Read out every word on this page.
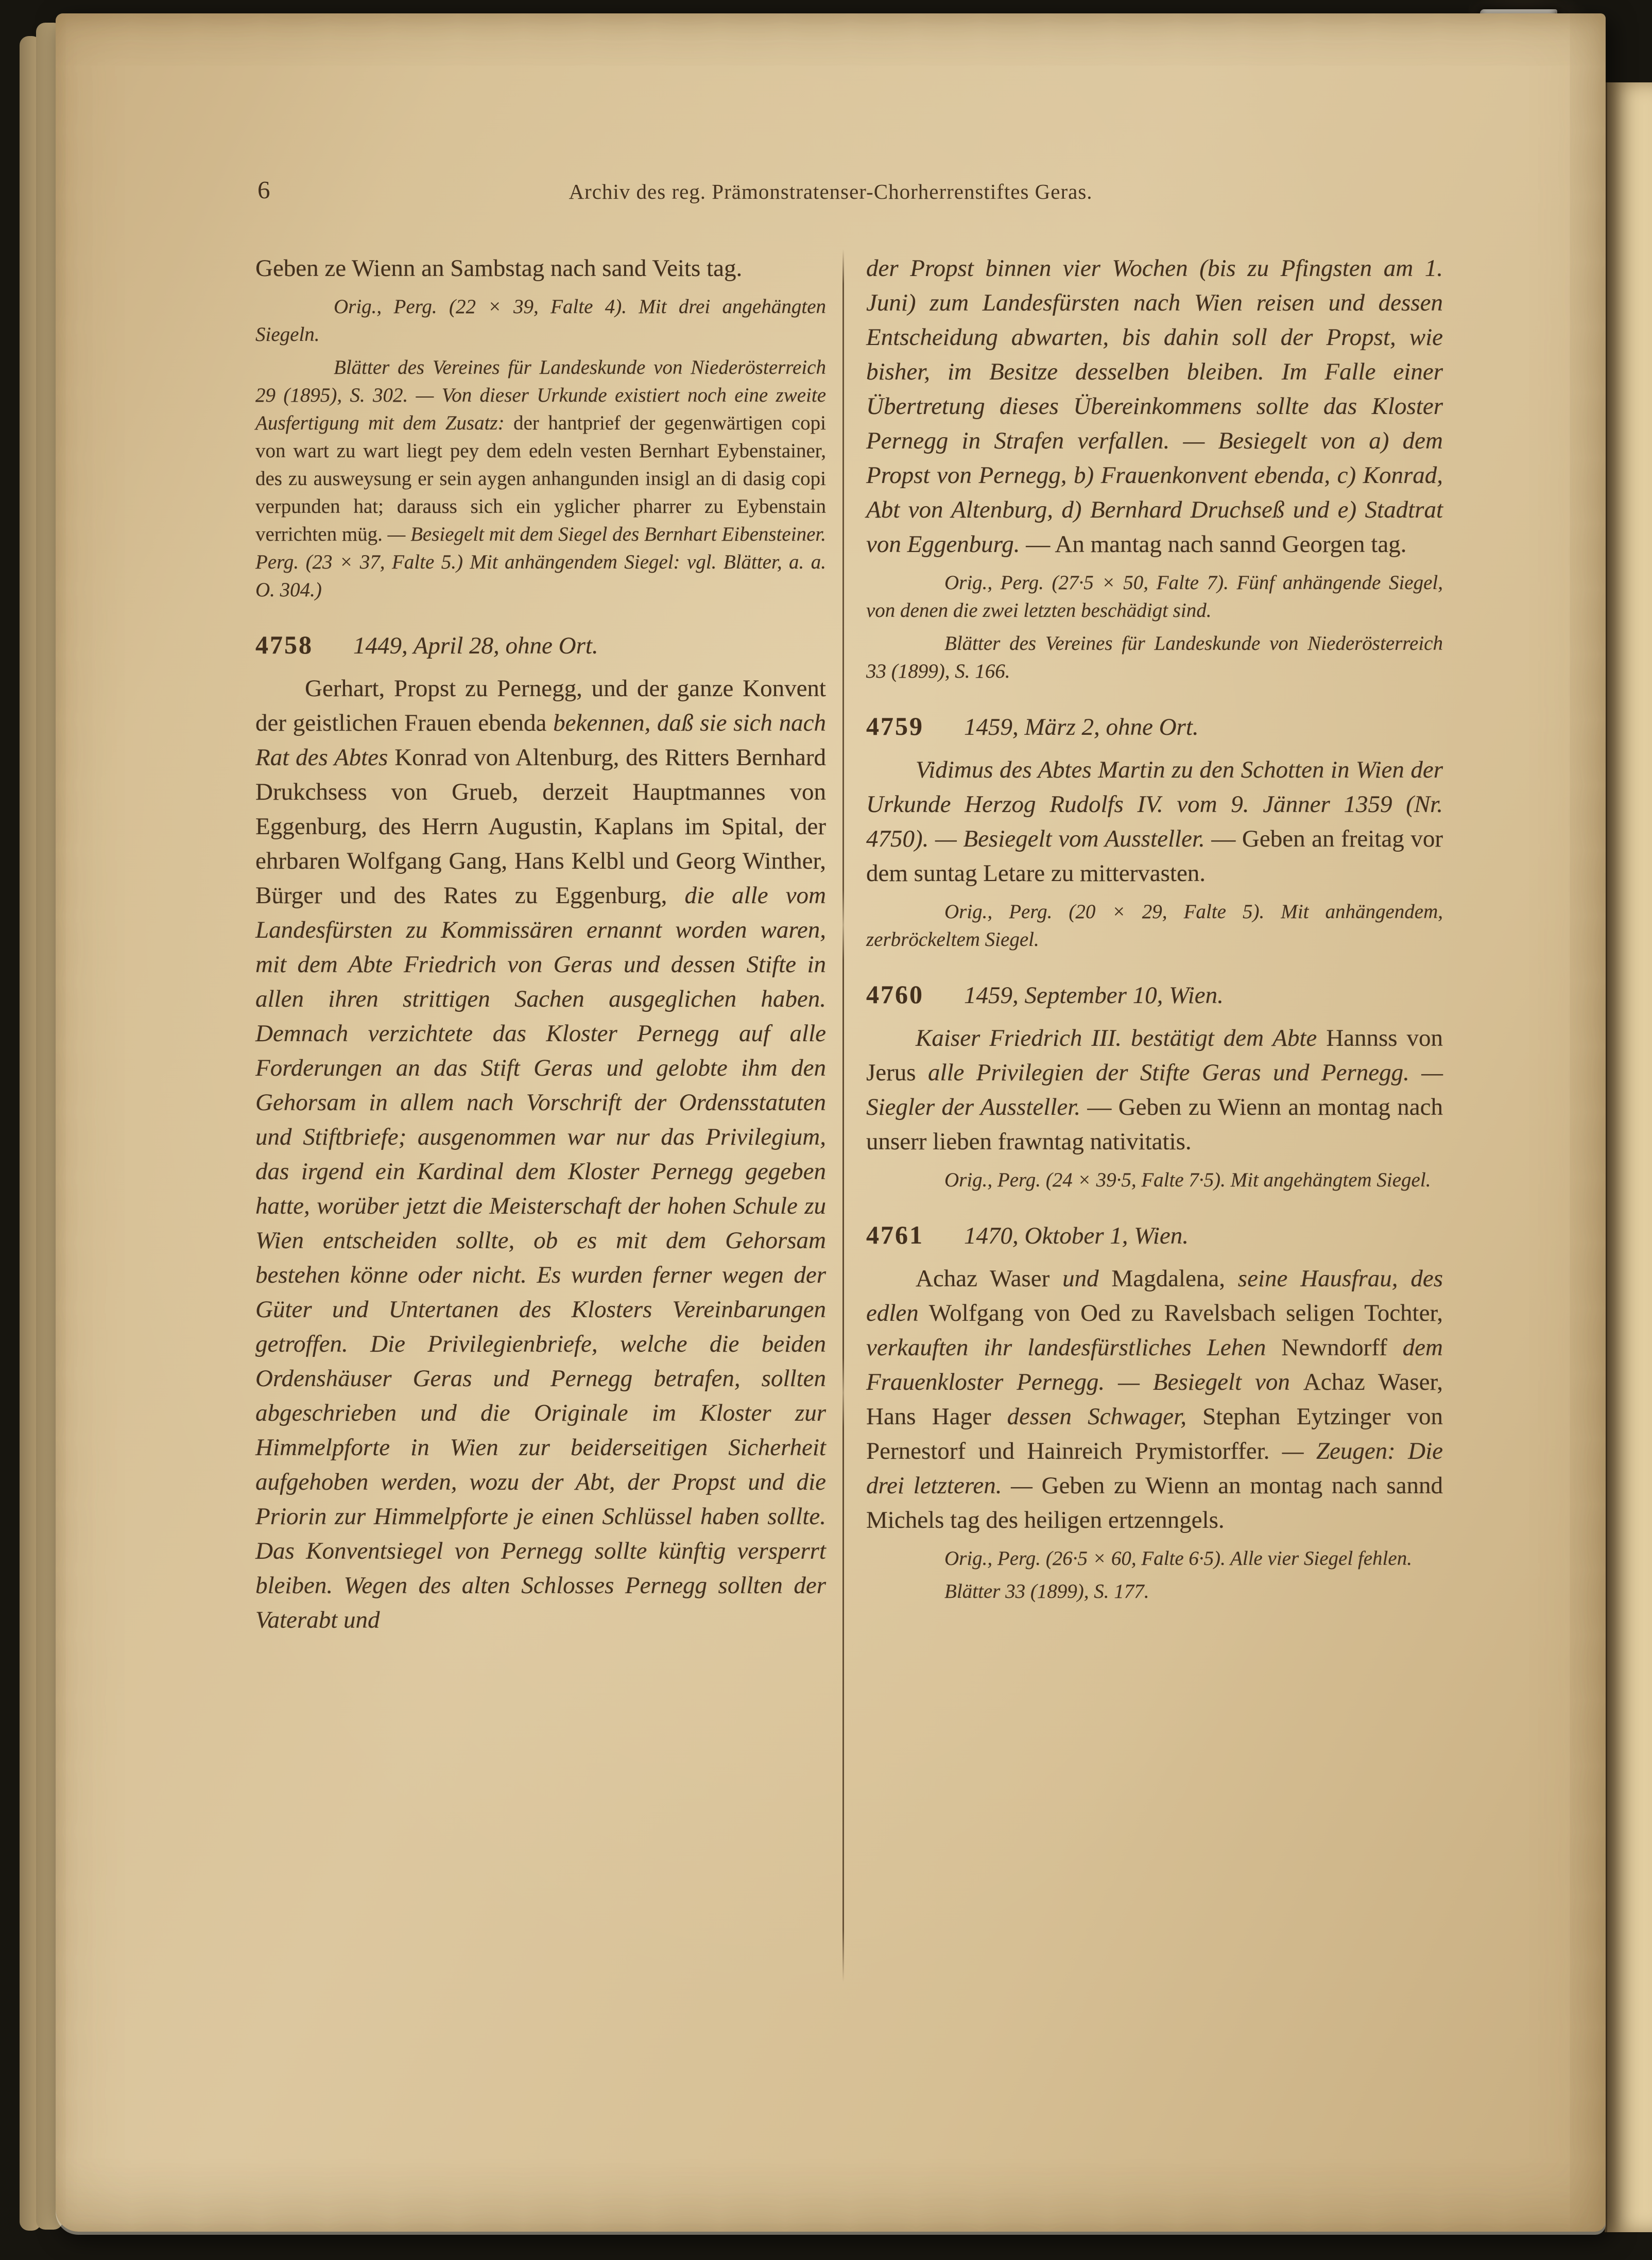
6	Archiv des reg. Prämonstratenser-Chorherrenstiftes Geras.

Geben ze Wienn an Sambstag nach sand Veits tag.

Orig., Perg. (22 × 39, Falte 4). Mit drei angehängten Siegeln.

Blätter des Vereines für Landeskunde von Niederösterreich 29 (1895), S. 302. — Von dieser Urkunde existiert noch eine zweite Ausfertigung mit dem Zusatz: der hantprief der gegenwärtigen copi von wart zu wart liegt pey dem edeln vesten Bernhart Eybenstainer, des zu ausweysung er sein aygen anhangunden insigl an di dasig copi verpunden hat; darauss sich ein yglicher pharrer zu Eybenstain verrichten müg. — Besiegelt mit dem Siegel des Bernhart Eibensteiner. Perg. (23 × 37, Falte 5.) Mit anhängendem Siegel: vgl. Blätter, a. a. O. 304.)

4758 1449, April 28, ohne Ort.

Gerhart, Propst zu Pernegg, und der ganze Konvent der geistlichen Frauen ebenda bekennen, daß sie sich nach Rat des Abtes Konrad von Altenburg, des Ritters Bernhard Drukchsess von Grueb, derzeit Hauptmannes von Eggenburg, des Herrn Augustin, Kaplans im Spital, der ehrbaren Wolfgang Gang, Hans Kelbl und Georg Winther, Bürger und des Rates zu Eggenburg, die alle vom Landesfürsten zu Kommissären ernannt worden waren, mit dem Abte Friedrich von Geras und dessen Stifte in allen ihren strittigen Sachen ausgeglichen haben. Demnach verzichtete das Kloster Pernegg auf alle Forderungen an das Stift Geras und gelobte ihm den Gehorsam in allem nach Vorschrift der Ordensstatuten und Stiftbriefe; ausgenommen war nur das Privilegium, das irgend ein Kardinal dem Kloster Pernegg gegeben hatte, worüber jetzt die Meisterschaft der hohen Schule zu Wien entscheiden sollte, ob es mit dem Gehorsam bestehen könne oder nicht. Es wurden ferner wegen der Güter und Untertanen des Klosters Vereinbarungen getroffen. Die Privilegienbriefe, welche die beiden Ordenshäuser Geras und Pernegg betrafen, sollten abgeschrieben und die Originale im Kloster zur Himmelpforte in Wien zur beiderseitigen Sicherheit aufgehoben werden, wozu der Abt, der Propst und die Priorin zur Himmelpforte je einen Schlüssel haben sollte. Das Konventsiegel von Pernegg sollte künftig versperrt bleiben. Wegen des alten Schlosses Pernegg sollten der Vaterabt und

der Propst binnen vier Wochen (bis zu Pfingsten am 1. Juni) zum Landesfürsten nach Wien reisen und dessen Entscheidung abwarten, bis dahin soll der Propst, wie bisher, im Besitze desselben bleiben. Im Falle einer Übertretung dieses Übereinkommens sollte das Kloster Pernegg in Strafen verfallen. — Besiegelt von a) dem Propst von Pernegg, b) Frauenkonvent ebenda, c) Konrad, Abt von Altenburg, d) Bernhard Druchseß und e) Stadtrat von Eggenburg. — An mantag nach sannd Georgen tag.

Orig., Perg. (27·5 × 50, Falte 7). Fünf anhängende Siegel, von denen die zwei letzten beschädigt sind.

Blätter des Vereines für Landeskunde von Niederösterreich 33 (1899), S. 166.

4759 1459, März 2, ohne Ort.

Vidimus des Abtes Martin zu den Schotten in Wien der Urkunde Herzog Rudolfs IV. vom 9. Jänner 1359 (Nr. 4750). — Besiegelt vom Aussteller. — Geben an freitag vor dem suntag Letare zu mittervasten.

Orig., Perg. (20 × 29, Falte 5). Mit anhängendem, zerbröckeltem Siegel.

4760 1459, September 10, Wien.

Kaiser Friedrich III. bestätigt dem Abte Hannss von Jerus alle Privilegien der Stifte Geras und Pernegg. — Siegler der Aussteller. — Geben zu Wienn an montag nach unserr lieben frawntag nativitatis.

Orig., Perg. (24 × 39·5, Falte 7·5). Mit angehängtem Siegel.

4761 1470, Oktober 1, Wien.

Achaz Waser und Magdalena, seine Hausfrau, des edlen Wolfgang von Oed zu Ravelsbach seligen Tochter, verkauften ihr landesfürstliches Lehen Newndorff dem Frauenkloster Pernegg. — Besiegelt von Achaz Waser, Hans Hager dessen Schwager, Stephan Eytzinger von Pernestorf und Hainreich Prymistorffer. — Zeugen: Die drei letzteren. — Geben zu Wienn an montag nach sannd Michels tag des heiligen ertzenngels.

Orig., Perg. (26·5 × 60, Falte 6·5). Alle vier Siegel fehlen.

Blätter 33 (1899), S. 177.
